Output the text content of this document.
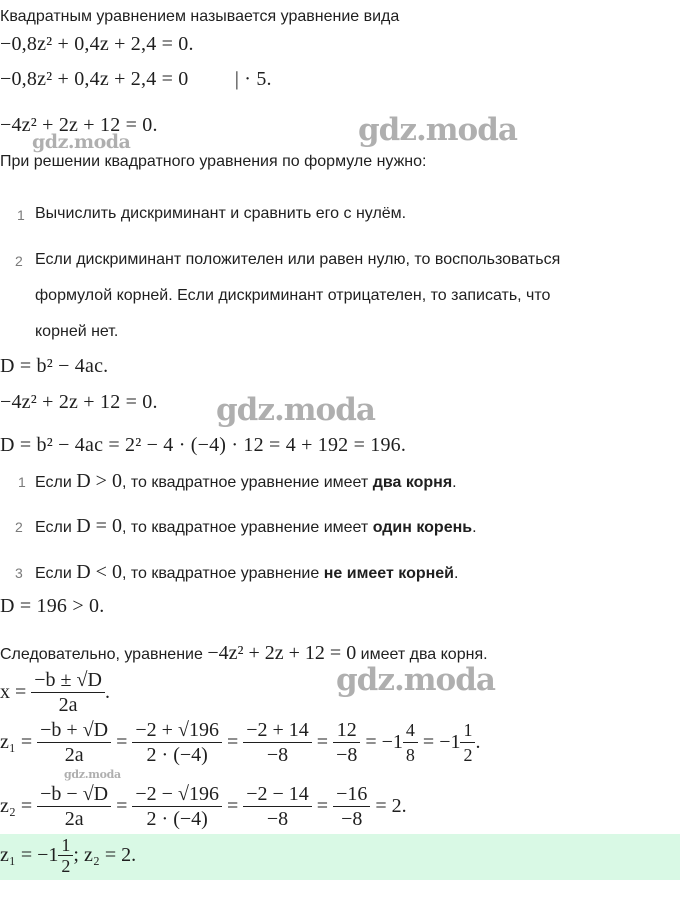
Квадратным уравнением называется уравнение вида
−0,8z² + 0,4z + 2,4 = 0.
−0,8z² + 0,4z + 2,4 = 0 | · 5.
−4z² + 2z + 12 = 0.	gdz.moda
gdz.moda
При решении квадратного уравнения по формуле нужно:
1 Вычислить дискриминант и сравнить его с нулём.
2 Если дискриминант положителен или равен нулю, то воспользоваться
формулой корней. Если дискриминант отрицателен, то записать, что
корней нет.
D = b² − 4ac.
−4z² + 2z + 12 = 0. gdz.moda
D = b² − 4ac = 2² − 4 · (−4) · 12 = 4 + 192 = 196.
1 Если D > 0, то квадратное уравнение имеет два корня.
2 Если D = 0, то квадратное уравнение имеет один корень.
3 Если D < 0, то квадратное уравнение не имеет корней.
D = 196 > 0.
Следовательно, уравнение −4z² + 2z + 12 = 0 имеет два корня.
gdz.moda
$x = \frac{-b \pm √D}{2a}$ .
$z_1 = \frac{-b + √D}{2a} = \frac{-2 + √196}{2 \cdot (-4)} = \frac{-2 + 14}{-8} = \frac{12}{-8} = -1 \frac{4}{8} = -1 \frac{1}{2}$ .
gdz.moda
$z_2 = \frac{-b - √D}{2a} = \frac{-2 - √196}{2 \cdot (-4)} = \frac{-2 - 14}{-8} = \frac{-16}{-8} = 2$.
$z_1 = -1 \frac{1}{2}$ ; z₂ = 2.
